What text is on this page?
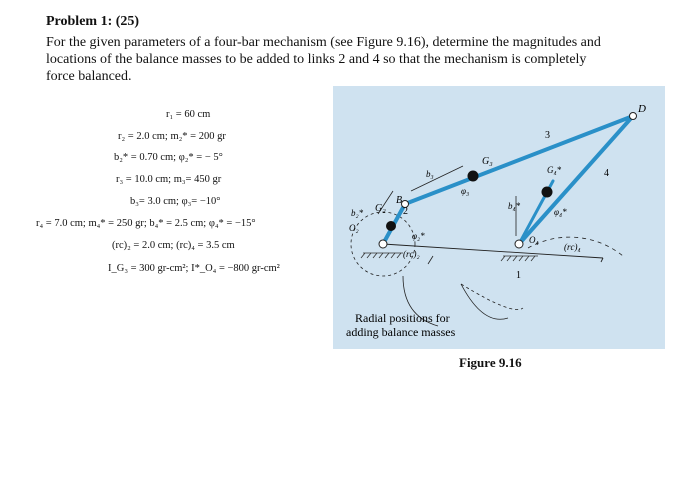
Problem 1: (25)
For the given parameters of a four-bar mechanism (see Figure 9.16), determine the magnitudes and locations of the balance masses to be added to links 2 and 4 so that the mechanism is completely force balanced.
r₁ = 60 cm
r₂ = 2.0 cm; m₂* = 200 gr
b₂* = 0.70 cm; φ₂* = − 5°
r₃ = 10.0 cm; m₃= 450 gr
b₃= 3.0 cm; φ₃= −10°
r₄ = 7.0 cm; m₄* = 250 gr; b₄* = 2.5 cm; φ₄* = −15°
(rс)₂ = 2.0 cm; (rс)₄ = 3.5 cm
I_G₃ = 300 gr-cm²; I*_O₄ = −800 gr-cm²
D
B
G₂
G₃
G₄*
O₂
O₄
b₂*
b₃
b₄*
φ₂*
φ₃
φ₄*
(rс)₂
(rс)₄
1
2
3
4
Radial positions for
adding balance masses
Figure 9.16
